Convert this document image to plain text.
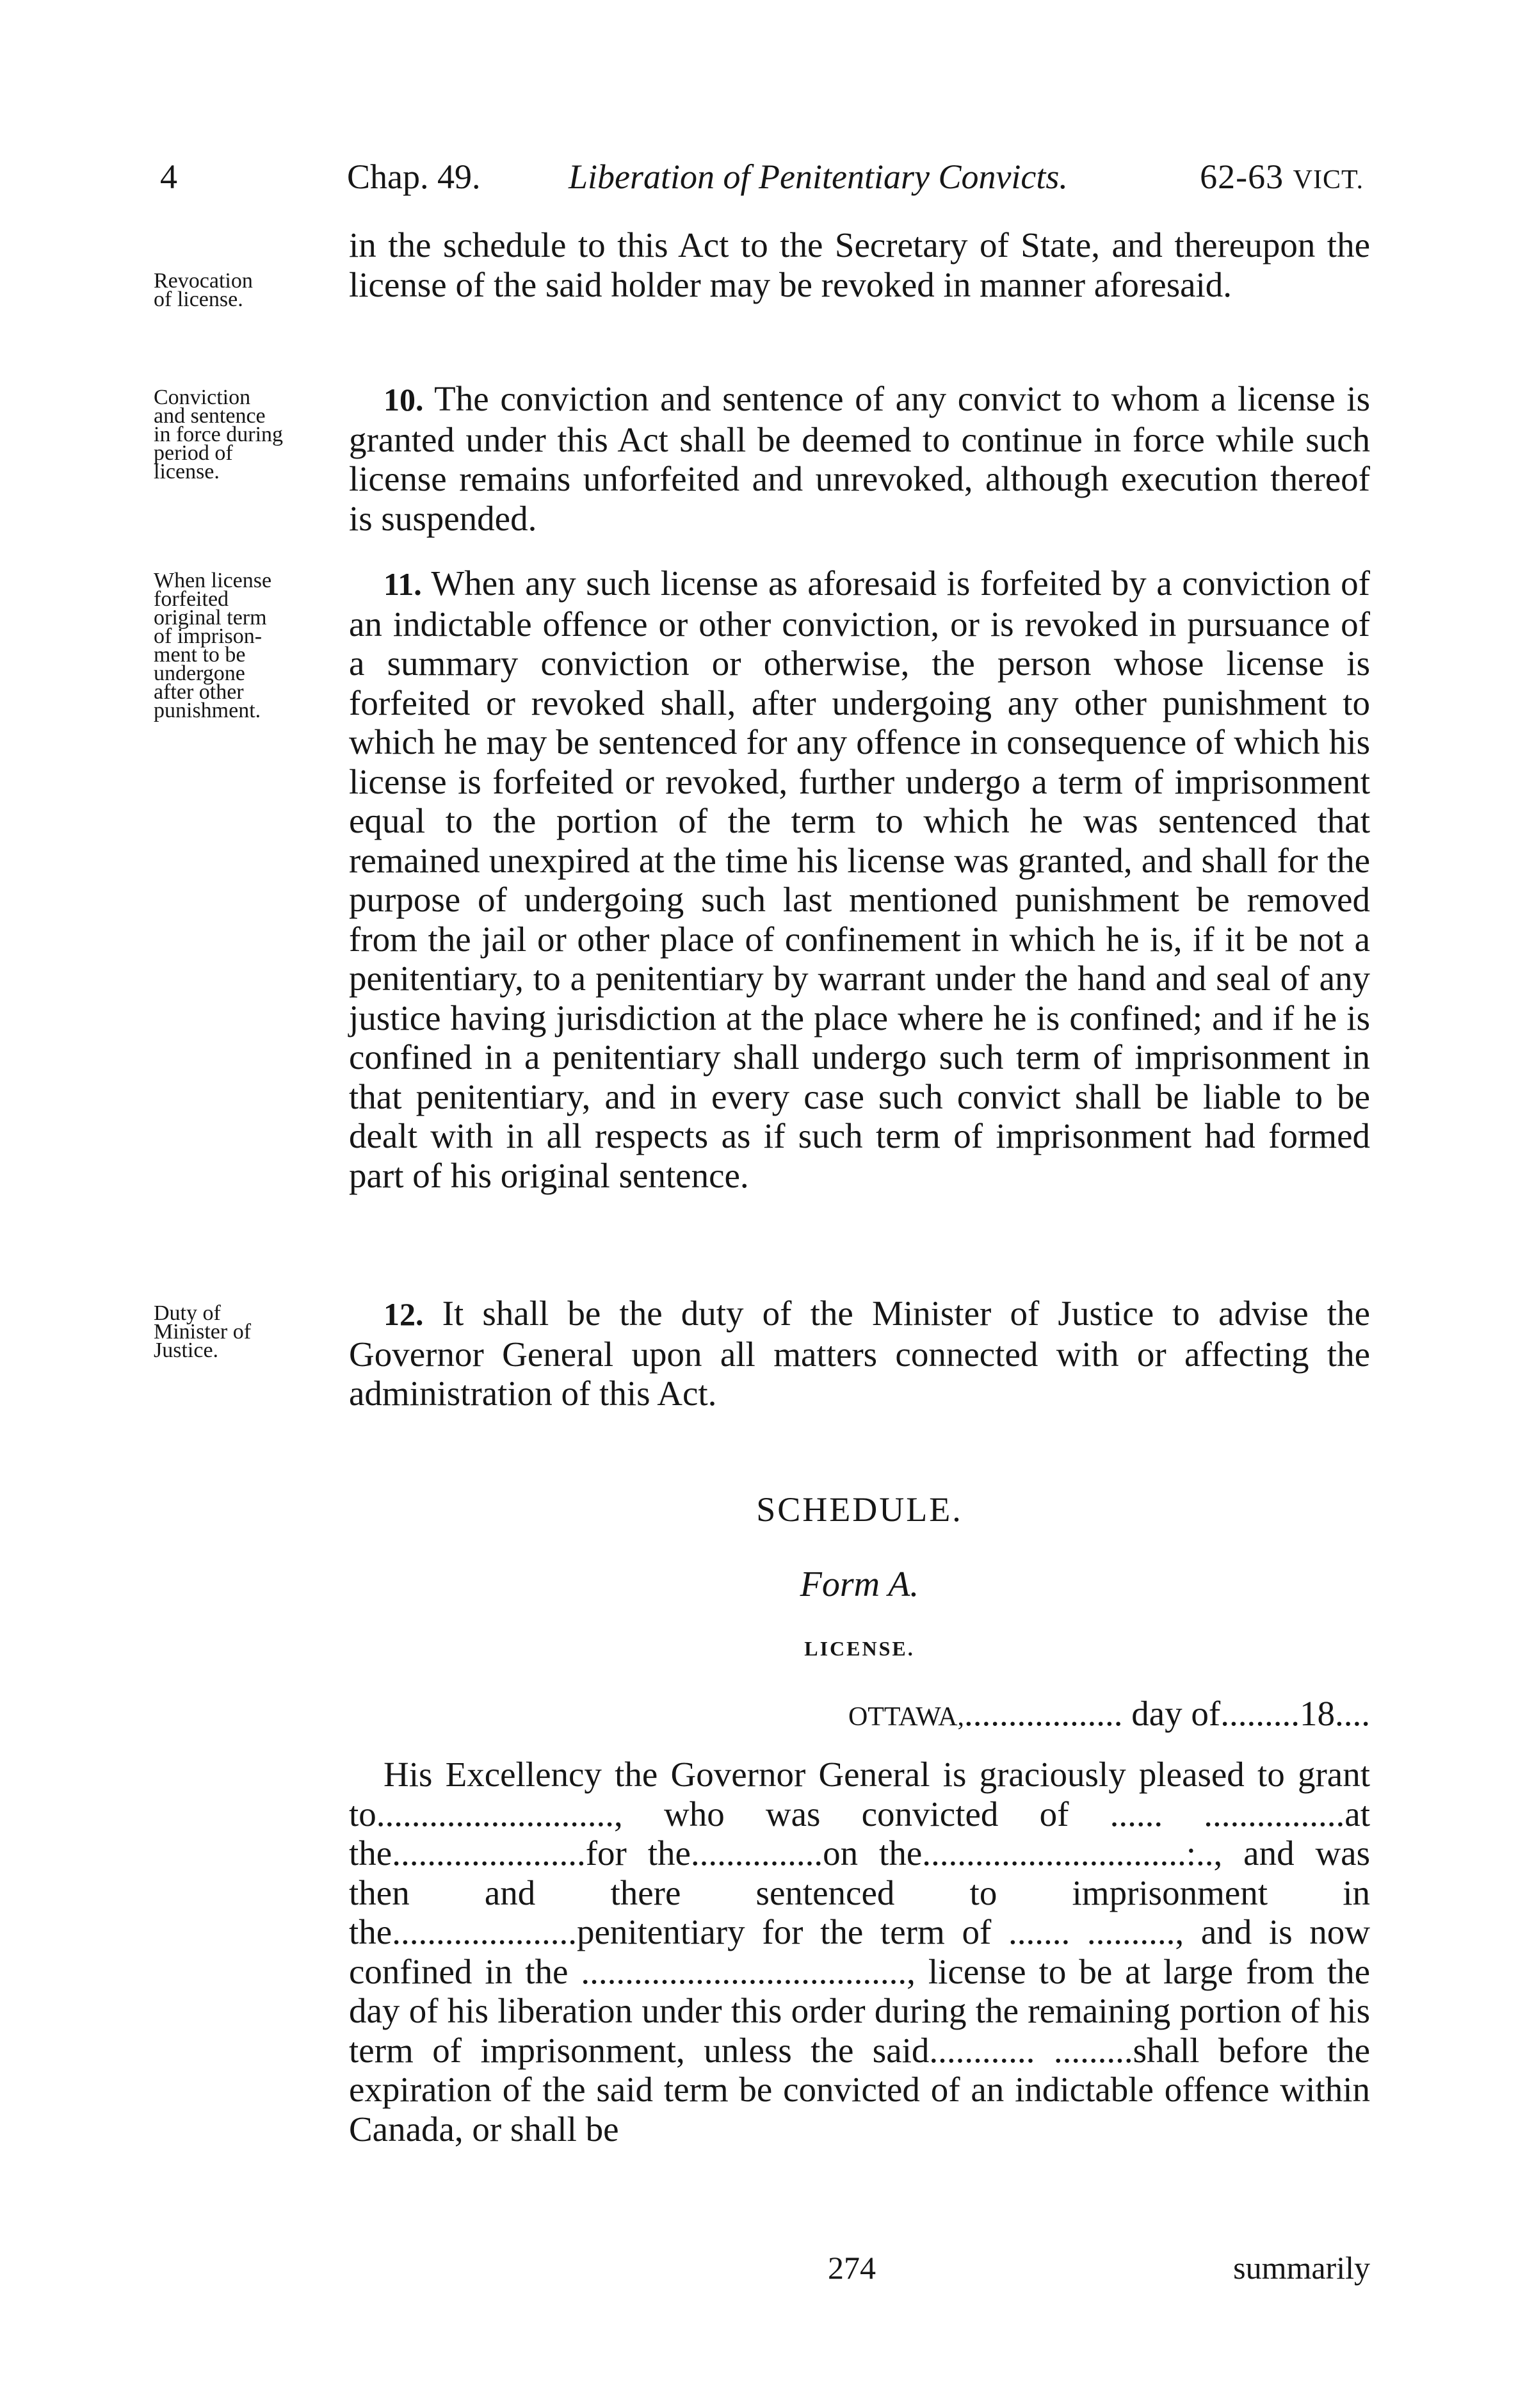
4	Chap. 49.	Liberation of Penitentiary Convicts.	62-63 VICT.
Revocation
of license.

in the schedule to this Act to the Secretary of State, and thereupon the license of the said holder may be revoked in manner aforesaid.

Conviction
and sentence
in force during
period of
license.

10. The conviction and sentence of any convict to whom a license is granted under this Act shall be deemed to continue in force while such license remains unforfeited and unrevoked, although execution thereof is suspended.

When license
forfeited
original term
of imprison-
ment to be
undergone
after other
punishment.

11. When any such license as aforesaid is forfeited by a conviction of an indictable offence or other conviction, or is revoked in pursuance of a summary conviction or otherwise, the person whose license is forfeited or revoked shall, after undergoing any other punishment to which he may be sentenced for any offence in consequence of which his license is forfeited or revoked, further undergo a term of imprisonment equal to the portion of the term to which he was sentenced that remained unexpired at the time his license was granted, and shall for the purpose of undergoing such last mentioned punishment be removed from the jail or other place of confinement in which he is, if it be not a penitentiary, to a penitentiary by warrant under the hand and seal of any justice having jurisdiction at the place where he is confined; and if he is confined in a penitentiary shall undergo such term of imprisonment in that penitentiary, and in every case such convict shall be liable to be dealt with in all respects as if such term of imprisonment had formed part of his original sentence.

Duty of
Minister of
Justice.

12. It shall be the duty of the Minister of Justice to advise the Governor General upon all matters connected with or affecting the administration of this Act.

SCHEDULE.
Form A.
LICENSE.
OTTAWA,.................. day of.........18....

His Excellency the Governor General is graciously pleased to grant to..........................., who was convicted of ...... ................at the......................for the...............on the..............................:.., and was then and there sentenced to imprisonment in the.....................penitentiary for the term of ....... .........., and is now confined in the ....................................., license to be at large from the day of his liberation under this order during the remaining portion of his term of imprisonment, unless the said............ .........shall before the expiration of the said term be convicted of an indictable offence within Canada, or shall be

274	summarily
